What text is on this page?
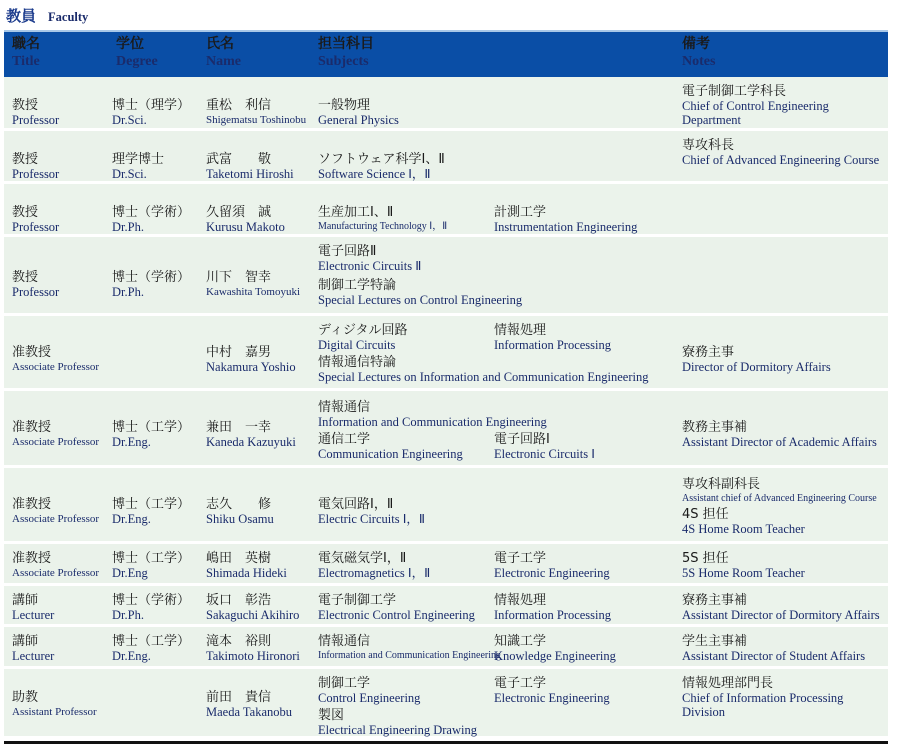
教員 Faculty
職名
Title
学位
Degree
氏名
Name
担当科目
Subjects
備考
Notes
教授
Professor
博士（理学）
Dr.Sci.
重松　利信
Shigematsu Toshinobu
一般物理
General Physics
電子制御工学科長
Chief of Control Engineering Department
教授
Professor
理学博士
Dr.Sci.
武富　　敬
Taketomi Hiroshi
ソフトウェア科学Ⅰ、Ⅱ
Software Science Ⅰ，Ⅱ
専攻科長
Chief of Advanced Engineering Course
教授
Professor
博士（学術）
Dr.Ph.
久留須　誠
Kurusu Makoto
生産加工Ⅰ、Ⅱ
Manufacturing Technology Ⅰ，Ⅱ
計測工学
Instrumentation Engineering
教授
Professor
博士（学術）
Dr.Ph.
川下　智幸
Kawashita Tomoyuki
電子回路Ⅱ
Electronic Circuits Ⅱ
制御工学特論
Special Lectures on Control Engineering
准教授
Associate Professor
中村　嘉男
Nakamura Yoshio
ディジタル回路
Digital Circuits
情報処理
Information Processing
情報通信特論
Special Lectures on Information and Communication Engineering
寮務主事
Director of Dormitory Affairs
准教授
Associate Professor
博士（工学）
Dr.Eng.
兼田　一幸
Kaneda Kazuyuki
情報通信
Information and Communication Engineering
通信工学
Communication Engineering
電子回路Ⅰ
Electronic Circuits Ⅰ
教務主事補
Assistant Director of Academic Affairs
准教授
Associate Professor
博士（工学）
Dr.Eng.
志久　　修
Shiku Osamu
電気回路Ⅰ，Ⅱ
Electric Circuits Ⅰ，Ⅱ
専攻科副科長
Assistant chief of Advanced Engineering Course
4S 担任
4S Home Room Teacher
准教授
Associate Professor
博士（工学）
Dr.Eng
嶋田　英樹
Shimada Hideki
電気磁気学Ⅰ，Ⅱ
Electromagnetics Ⅰ，Ⅱ
電子工学
Electronic Engineering
5S 担任
5S Home Room Teacher
講師
Lecturer
博士（学術）
Dr.Ph.
坂口　彰浩
Sakaguchi Akihiro
電子制御工学
Electronic Control Engineering
情報処理
Information Processing
寮務主事補
Assistant Director of Dormitory Affairs
講師
Lecturer
博士（工学）
Dr.Eng.
滝本　裕則
Takimoto Hironori
情報通信
Information and Communication Engineering
知識工学
Knowledge Engineering
学生主事補
Assistant Director of Student Affairs
助教
Assistant Professor
前田　貴信
Maeda Takanobu
制御工学
Control Engineering
電子工学
Electronic Engineering
製図
Electrical Engineering Drawing
情報処理部門長
Chief of Information Processing Division
